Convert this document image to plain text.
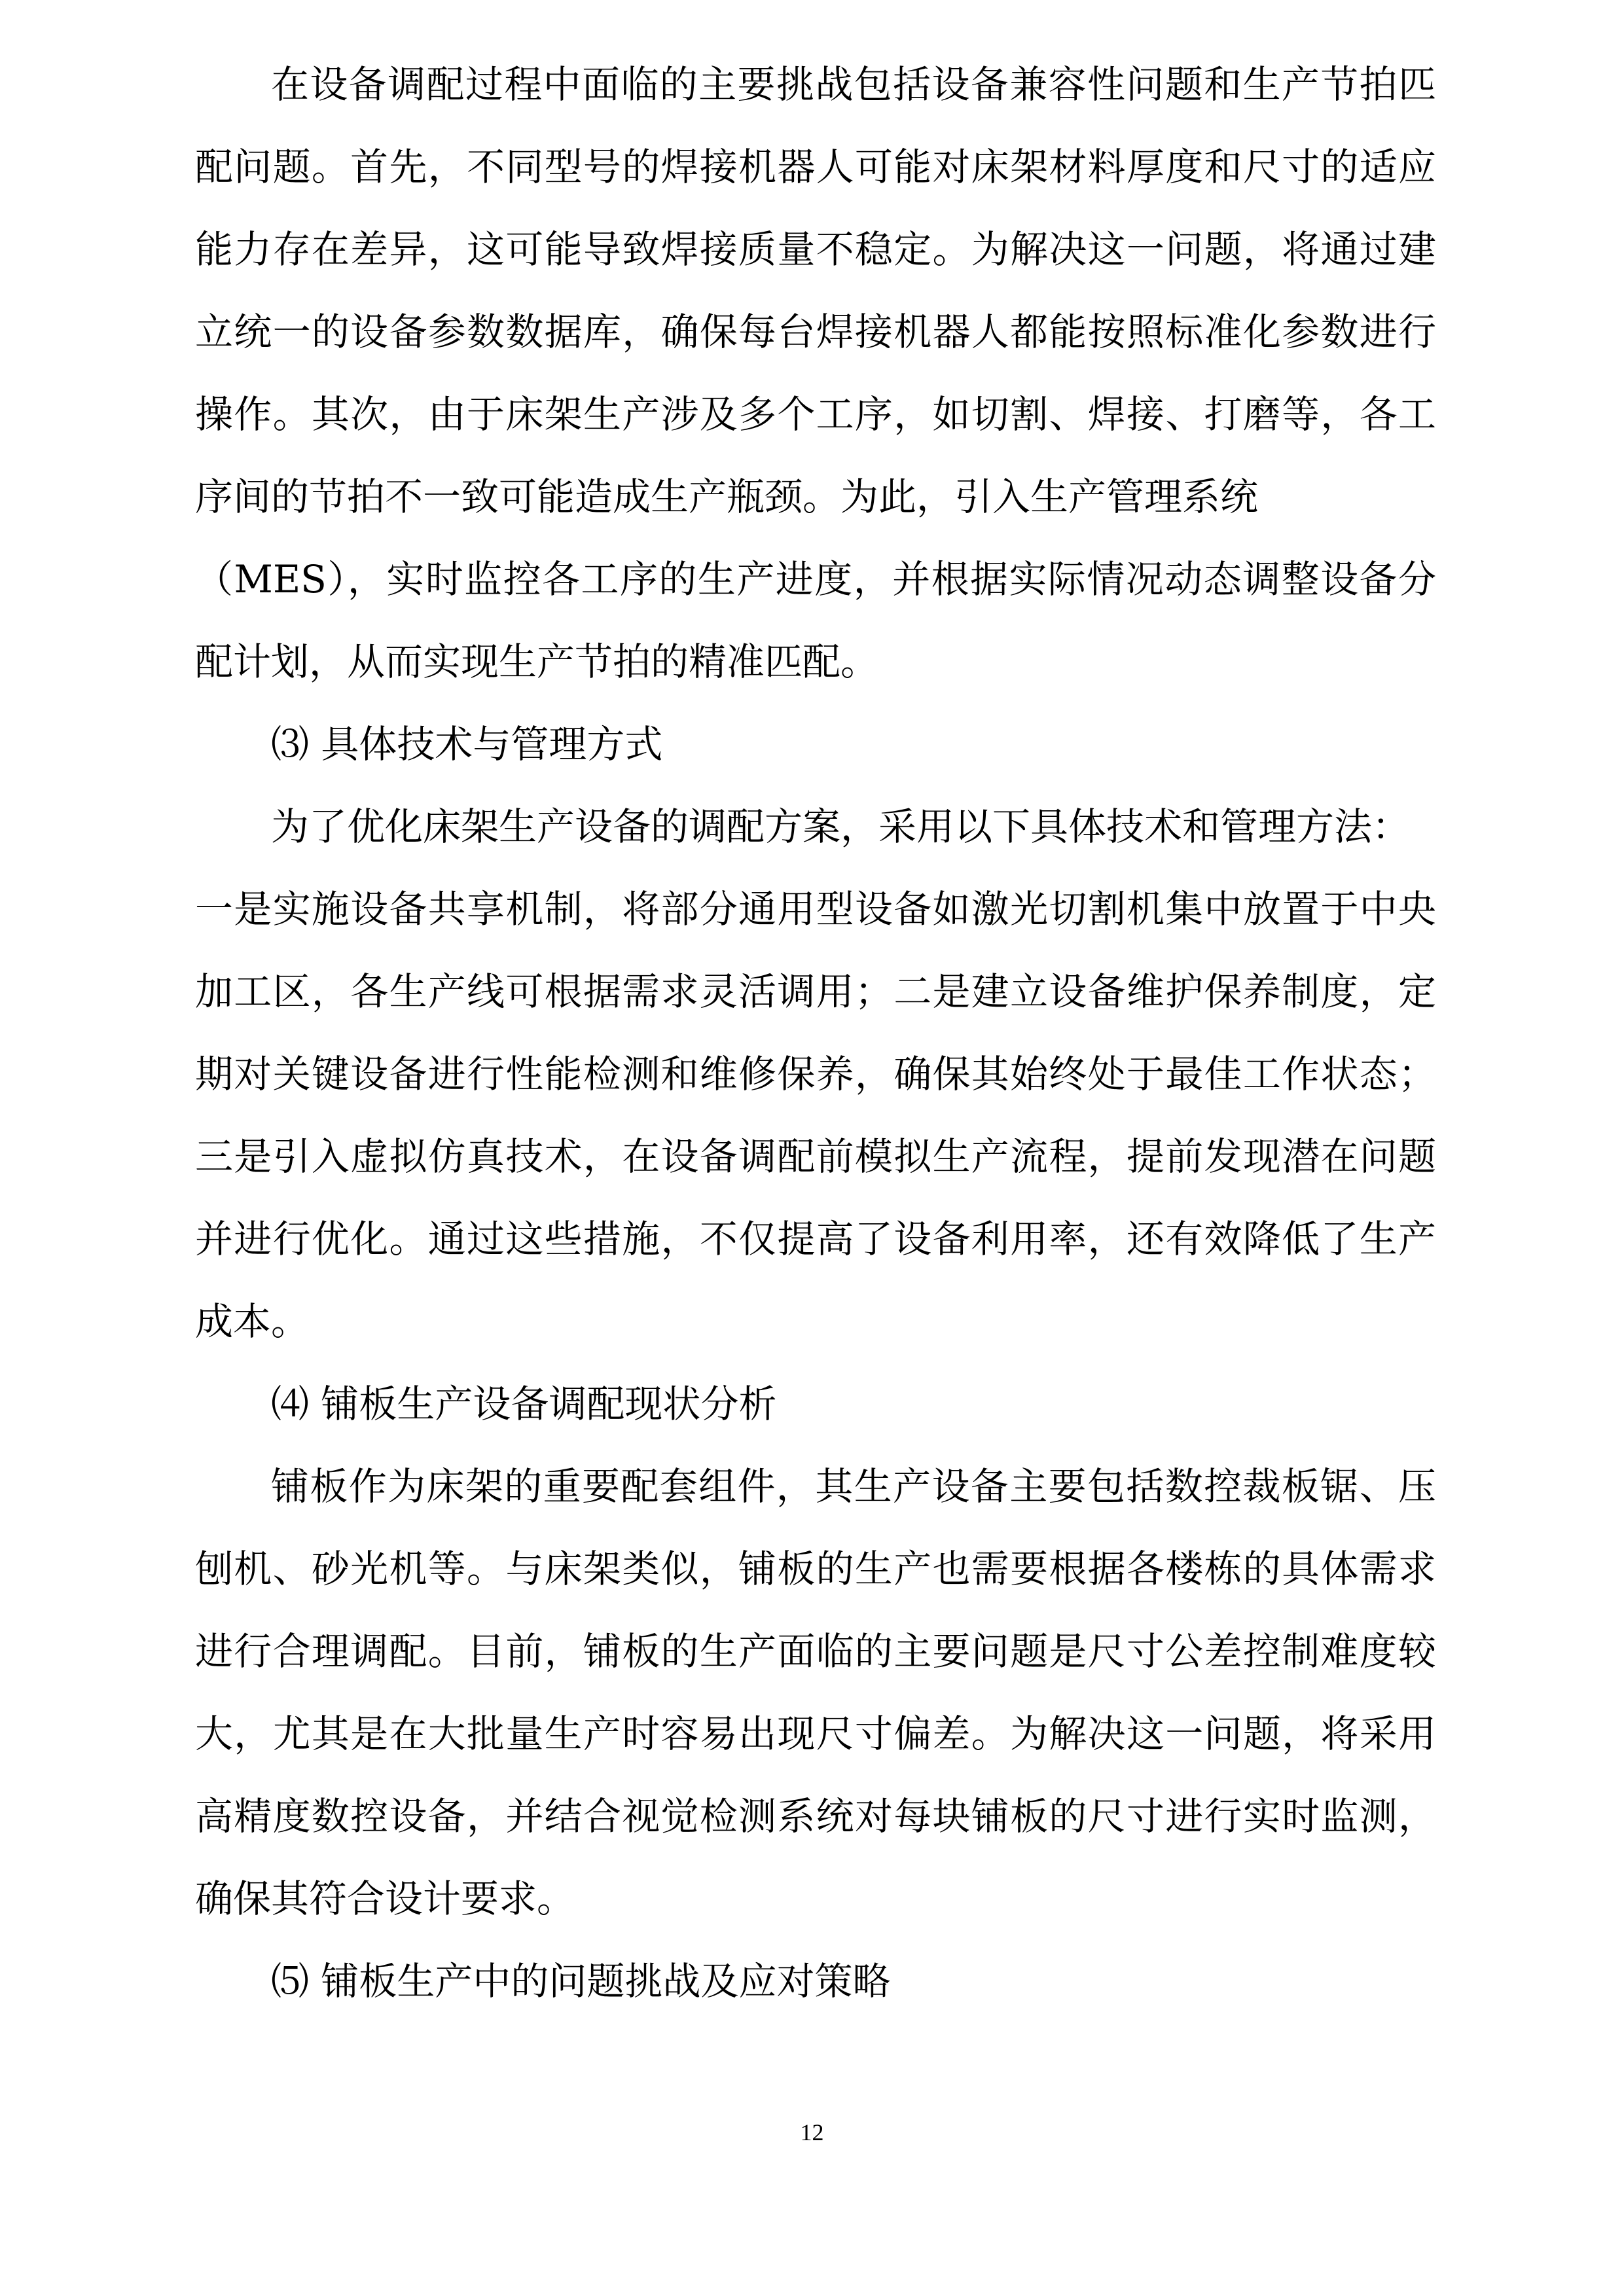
在设备调配过程中面临的主要挑战包括设备兼容性问题和生产节拍匹
配问题。首先，不同型号的焊接机器人可能对床架材料厚度和尺寸的适应
能力存在差异，这可能导致焊接质量不稳定。为解决这一问题，将通过建
立统一的设备参数数据库，确保每台焊接机器人都能按照标准化参数进行
操作。其次，由于床架生产涉及多个工序，如切割、焊接、打磨等，各工
序间的节拍不一致可能造成生产瓶颈。为此，引入生产管理系统
（MES），实时监控各工序的生产进度，并根据实际情况动态调整设备分
配计划，从而实现生产节拍的精准匹配。
⑶ 具体技术与管理方式
为了优化床架生产设备的调配方案，采用以下具体技术和管理方法：
一是实施设备共享机制，将部分通用型设备如激光切割机集中放置于中央
加工区，各生产线可根据需求灵活调用；二是建立设备维护保养制度，定
期对关键设备进行性能检测和维修保养，确保其始终处于最佳工作状态；
三是引入虚拟仿真技术，在设备调配前模拟生产流程，提前发现潜在问题
并进行优化。通过这些措施，不仅提高了设备利用率，还有效降低了生产
成本。
⑷ 铺板生产设备调配现状分析
铺板作为床架的重要配套组件，其生产设备主要包括数控裁板锯、压
刨机、砂光机等。与床架类似，铺板的生产也需要根据各楼栋的具体需求
进行合理调配。目前，铺板的生产面临的主要问题是尺寸公差控制难度较
大，尤其是在大批量生产时容易出现尺寸偏差。为解决这一问题，将采用
高精度数控设备，并结合视觉检测系统对每块铺板的尺寸进行实时监测，
确保其符合设计要求。
⑸ 铺板生产中的问题挑战及应对策略
12
